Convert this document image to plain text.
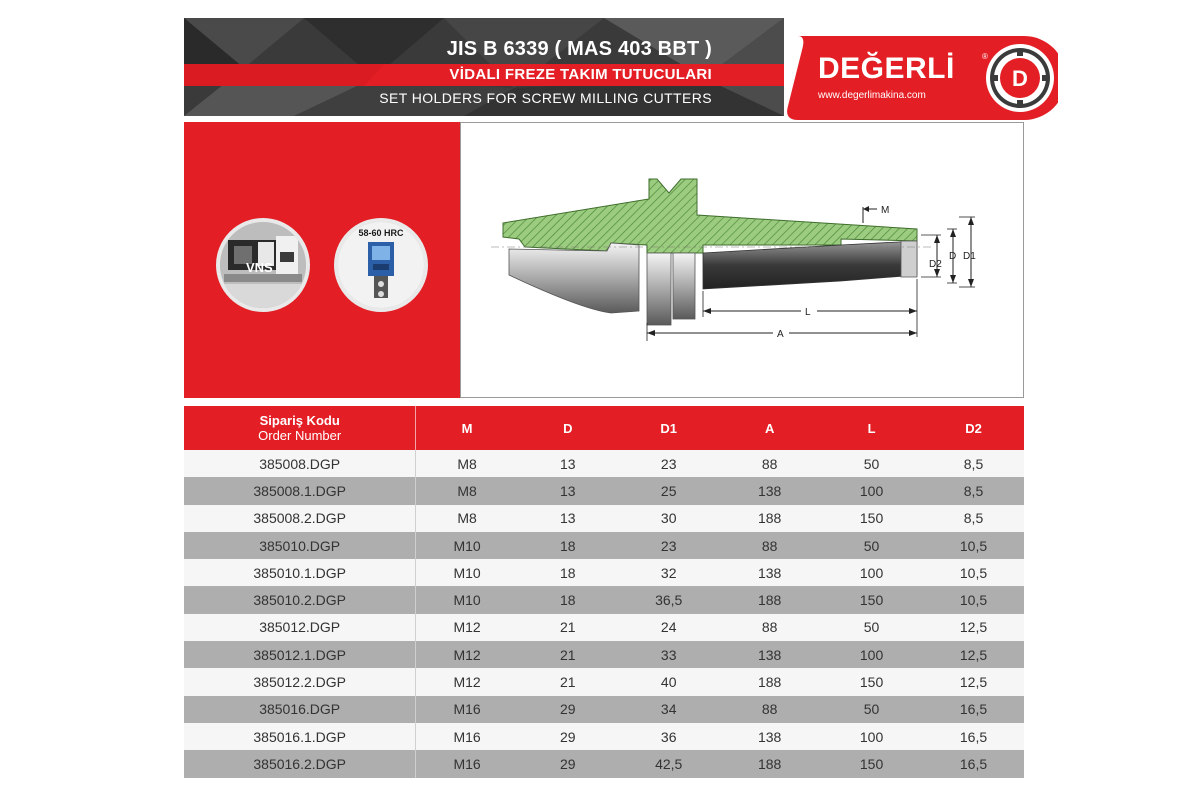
JIS B 6339 ( MAS 403 BBT )
VİDALI FREZE TAKIM TUTUCULARI
SET HOLDERS FOR SCREW MILLING CUTTERS
D
DEĞERLİ	®
www.degerlimakina.com
VNS
58-60 HRC
M
D2
D D1
L
A
Sipariş Kodu
Order Number	M	D	D1	A	L	D2
385008.DGP	M8	13	23	88	50	8,5
385008.1.DGP	M8	13	25	138	100	8,5
385008.2.DGP	M8	13	30	188	150	8,5
385010.DGP	M10	18	23	88	50	10,5
385010.1.DGP	M10	18	32	138	100	10,5
385010.2.DGP	M10	18	36,5	188	150	10,5
385012.DGP	M12	21	24	88	50	12,5
385012.1.DGP	M12	21	33	138	100	12,5
385012.2.DGP	M12	21	40	188	150	12,5
385016.DGP	M16	29	34	88	50	16,5
385016.1.DGP	M16	29	36	138	100	16,5
385016.2.DGP	M16	29	42,5	188	150	16,5
